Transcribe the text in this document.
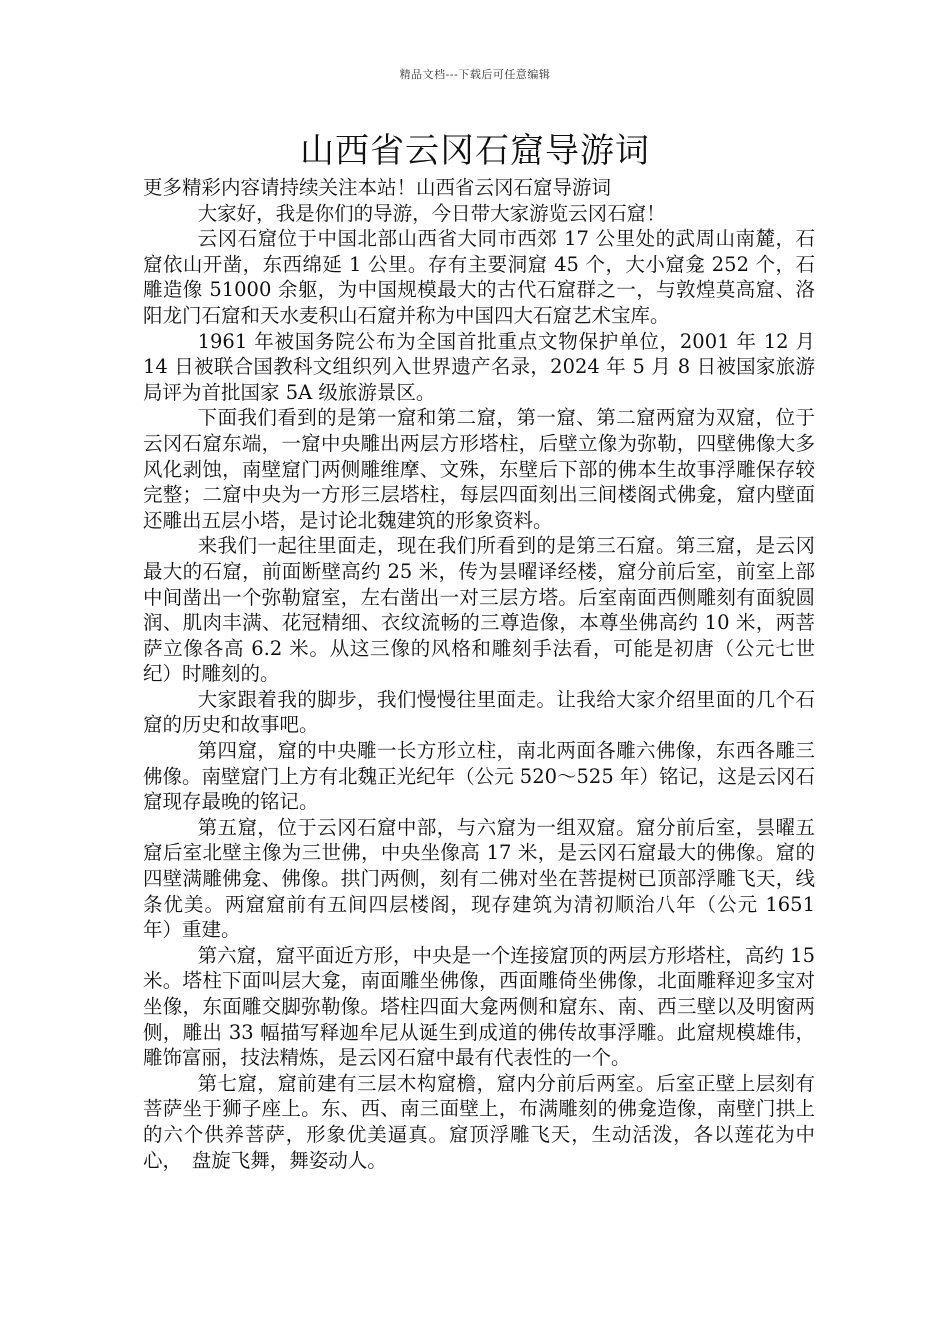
精品文档---下载后可任意编辑
山西省云冈石窟导游词

更多精彩内容请持续关注本站！山西省云冈石窟导游词

大家好，我是你们的导游，今日带大家游览云冈石窟！

云冈石窟位于中国北部山西省大同市西郊 17 公里处的武周山南麓，石窟依山开凿，东西绵延 1 公里。存有主要洞窟 45 个，大小窟龛 252 个，石雕造像 51000 余躯，为中国规模最大的古代石窟群之一，与敦煌莫高窟、洛阳龙门石窟和天水麦积山石窟并称为中国四大石窟艺术宝库。

1961 年被国务院公布为全国首批重点文物保护单位，2001 年 12 月 14 日被联合国教科文组织列入世界遗产名录，2024 年 5 月 8 日被国家旅游局评为首批国家 5A 级旅游景区。

下面我们看到的是第一窟和第二窟，第一窟、第二窟两窟为双窟，位于云冈石窟东端，一窟中央雕出两层方形塔柱，后壁立像为弥勒，四壁佛像大多风化剥蚀，南壁窟门两侧雕维摩、文殊，东壁后下部的佛本生故事浮雕保存较完整；二窟中央为一方形三层塔柱，每层四面刻出三间楼阁式佛龛，窟内壁面还雕出五层小塔，是讨论北魏建筑的形象资料。

来我们一起往里面走，现在我们所看到的是第三石窟。第三窟，是云冈最大的石窟，前面断壁高约 25 米，传为昙曜译经楼，窟分前后室，前室上部中间凿出一个弥勒窟室，左右凿出一对三层方塔。后室南面西侧雕刻有面貌圆润、肌肉丰满、花冠精细、衣纹流畅的三尊造像，本尊坐佛高约 10 米，两菩萨立像各高 6.2 米。从这三像的风格和雕刻手法看，可能是初唐（公元七世纪）时雕刻的。

大家跟着我的脚步，我们慢慢往里面走。让我给大家介绍里面的几个石窟的历史和故事吧。

第四窟，窟的中央雕一长方形立柱，南北两面各雕六佛像，东西各雕三佛像。南壁窟门上方有北魏正光纪年（公元 520～525 年）铭记，这是云冈石窟现存最晚的铭记。

第五窟，位于云冈石窟中部，与六窟为一组双窟。窟分前后室，昙曜五窟后室北壁主像为三世佛，中央坐像高 17 米，是云冈石窟最大的佛像。窟的四壁满雕佛龛、佛像。拱门两侧，刻有二佛对坐在菩提树已顶部浮雕飞天，线条优美。两窟窟前有五间四层楼阁，现存建筑为清初顺治八年（公元 1651 年）重建。

第六窟，窟平面近方形，中央是一个连接窟顶的两层方形塔柱，高约 15 米。塔柱下面叫层大龛，南面雕坐佛像，西面雕倚坐佛像，北面雕释迎多宝对坐像，东面雕交脚弥勒像。塔柱四面大龛两侧和窟东、南、西三壁以及明窗两侧，雕出 33 幅描写释迦牟尼从诞生到成道的佛传故事浮雕。此窟规模雄伟，雕饰富丽，技法精炼，是云冈石窟中最有代表性的一个。

第七窟，窟前建有三层木构窟檐，窟内分前后两室。后室正壁上层刻有菩萨坐于狮子座上。东、西、南三面壁上，布满雕刻的佛龛造像，南壁门拱上的六个供养菩萨，形象优美逼真。窟顶浮雕飞天，生动活泼，各以莲花为中心，　盘旋飞舞，舞姿动人。
